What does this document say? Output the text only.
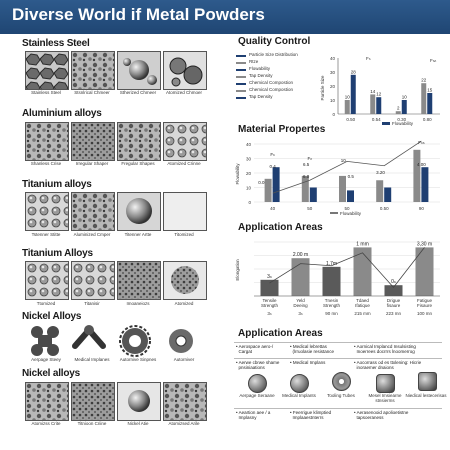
Diverse World if Metal Powders
Stainless Steel
Stainless Steel	Stsnlrical Chmeer	Stherized Chmeer	Atomized Chmoer
Aluminium alloys
Shanless Crise	Irregular Shaper	Fregular Shapes	Atomized Crinne
Titanium alloys
Tstenner Stitte	Aluminized Cmper	Titenner Artte	Titomized
Titanium Alloys
Ttomized	Titanisir	Imoaneiozs	Atomized
Nickel Alloys
Aerpage Steey	Medical Implanes	Autornive Sinpnes	Autorniver
Nickel alloys
Atomizss Crite	Titnioon Criine	Nickel Atie	Atomizsed Arile
Quality Control
Particle Size Distribution
Rtze
Flowability
Tap Density
Chemical Compostion
Chemical Compostion
Tap Density
40
30
20
10
0
Particle Size	10
28
0.50
14
12
0.54
2
10
0.30
22
15
0.80
Fₙ	Fₙₙ
Flowability
Material Propertes
40
30
20
10
0
Flowability
40	50	50	0.50	90
0.4	6.5
10
3.20
4.00
0.0
6.0	0.5
Fₙ
Fₙ
Fₙₙ
Flowability
Application Areas
Elongation
Tensile
Strength
3ₙ
3ₙ
Yeld
Deeing
3ₙ
2.00 m
Tnesin
Strength
90 mn
1,7m
Tdaed
Ifatique
215 mm
1 mm
Drigue
fisaure
223 mn
0ₙ
Fatigue
Fisaure
100 mn
3,30 m
Application Areas
• Aerospace aero-/
Cargat
• Medical lebrettas
(lrruolasie resistance
• Aornical Implancd Insulsisting
Inoerrees docrrrs lnoomerrog
• Aerwe cbrwe shame
pnsiniaations
• Medical Implans	• Aocorrass od es ttxlening: Hicrie
inoraemer dnaions
Aerpage Seraane	Medical Implants	Tooling Tubes	Mesel Imsiearne stnsierms
Niedical lestecerisas
• Aeartion aee / a
Implasny
• Feerrigue klimptied
Implaaestnterrs
• Aerasenooid apolioetistne
tapsoeraness
